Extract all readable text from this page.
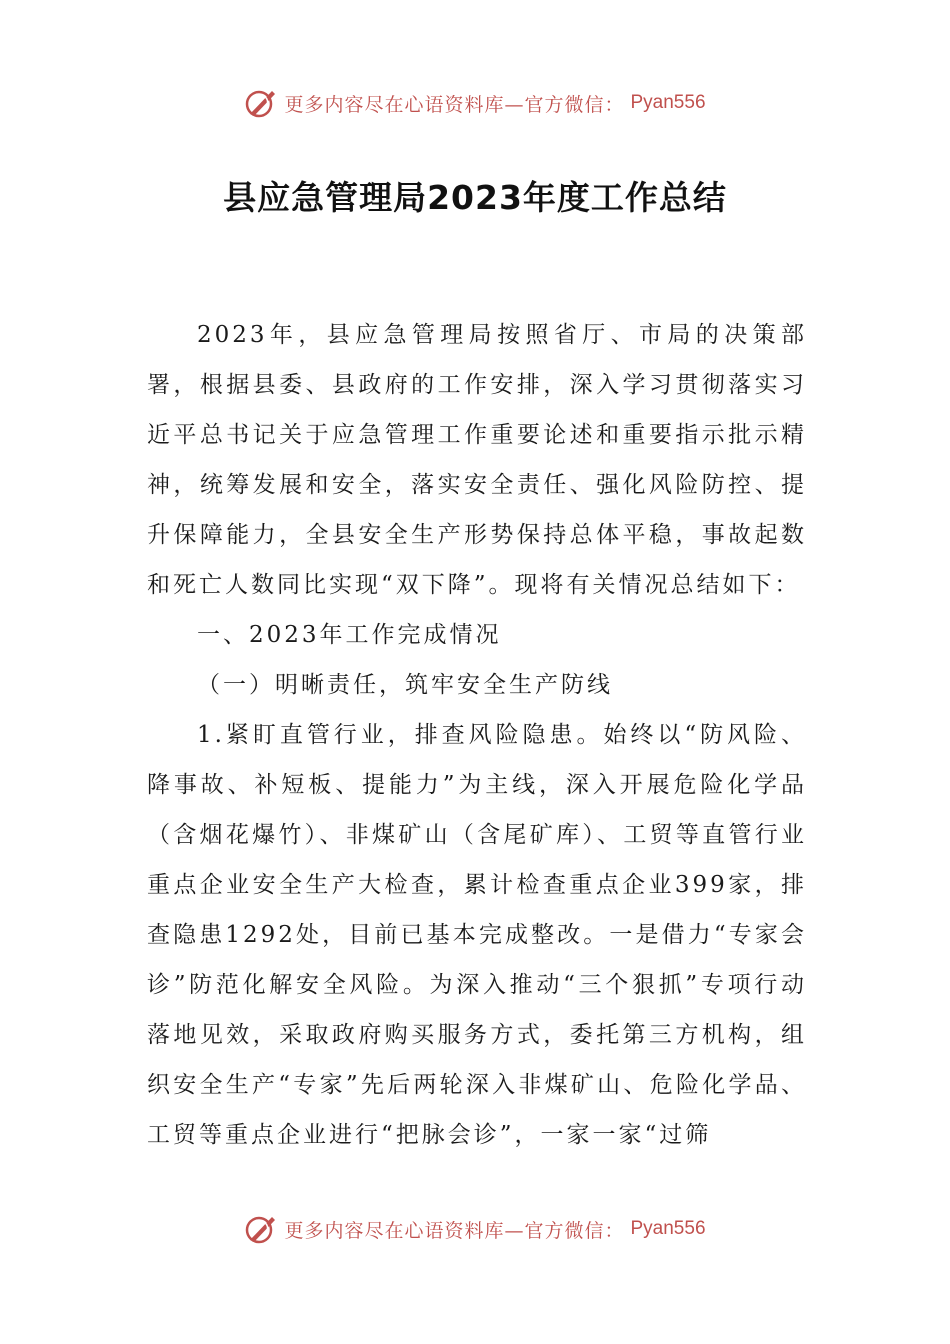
更多内容尽在心语资料库—官方微信： Pyan556
县应急管理局2023年度工作总结

2023年，县应急管理局按照省厅、市局的决策部署，根据县委、县政府的工作安排，深入学习贯彻落实习近平总书记关于应急管理工作重要论述和重要指示批示精神，统筹发展和安全，落实安全责任、强化风险防控、提升保障能力，全县安全生产形势保持总体平稳，事故起数和死亡人数同比实现“双下降”。现将有关情况总结如下：

一、2023年工作完成情况

（一）明晰责任，筑牢安全生产防线

1.紧盯直管行业，排查风险隐患。始终以“防风险、降事故、补短板、提能力”为主线，深入开展危险化学品（含烟花爆竹）、非煤矿山（含尾矿库）、工贸等直管行业重点企业安全生产大检查，累计检查重点企业399家，排查隐患1292处，目前已基本完成整改。一是借力“专家会诊”防范化解安全风险。为深入推动“三个狠抓”专项行动落地见效，采取政府购买服务方式，委托第三方机构，组织安全生产“专家”先后两轮深入非煤矿山、危险化学品、工贸等重点企业进行“把脉会诊”，一家一家“过筛

更多内容尽在心语资料库—官方微信： Pyan556
